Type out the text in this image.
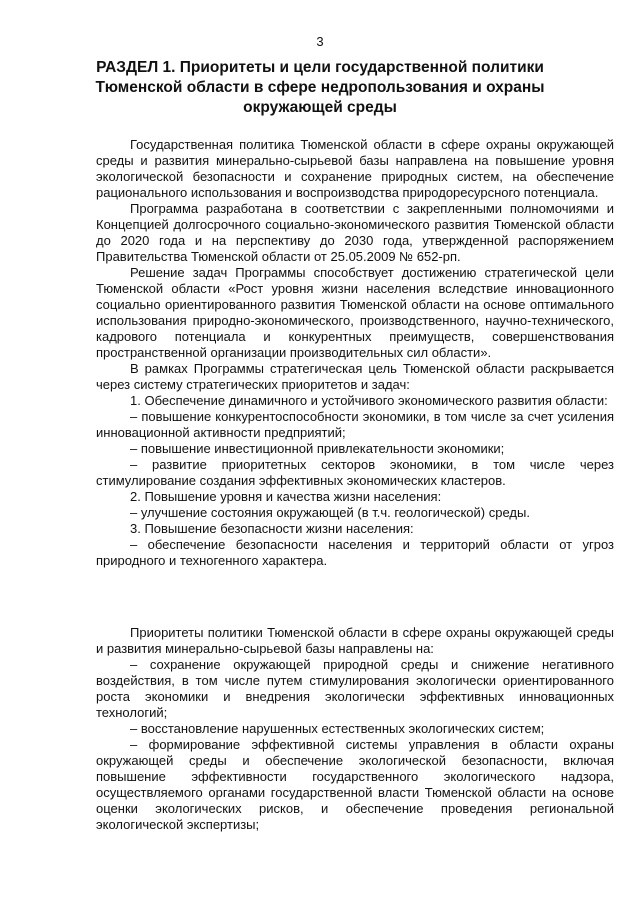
3
РАЗДЕЛ 1. Приоритеты и цели государственной политики
Тюменской области в сфере недропользования и охраны
окружающей среды

Государственная политика Тюменской области в сфере охраны окружающей среды и развития минерально-сырьевой базы направлена на повышение уровня экологической безопасности и сохранение природных систем, на обеспечение рационального использования и воспроизводства природоресурсного потенциала.

Программа разработана в соответствии с закрепленными полномочиями и Концепцией долгосрочного социально-экономического развития Тюменской области до 2020 года и на перспективу до 2030 года, утвержденной распоряжением Правительства Тюменской области от 25.05.2009 № 652-рп.

Решение задач Программы способствует достижению стратегической цели Тюменской области «Рост уровня жизни населения вследствие инновационного социально ориентированного развития Тюменской области на основе оптимального использования природно-экономического, производственного, научно-технического, кадрового потенциала и конкурентных преимуществ, совершенствования пространственной организации производительных сил области».

В рамках Программы стратегическая цель Тюменской области раскрывается через систему стратегических приоритетов и задач:

1. Обеспечение динамичного и устойчивого экономического развития области:

– повышение конкурентоспособности экономики, в том числе за счет усиления инновационной активности предприятий;

– повышение инвестиционной привлекательности экономики;

– развитие приоритетных секторов экономики, в том числе через стимулирование создания эффективных экономических кластеров.

2. Повышение уровня и качества жизни населения:

– улучшение состояния окружающей (в т.ч. геологической) среды.

3. Повышение безопасности жизни населения:

– обеспечение безопасности населения и территорий области от угроз природного и техногенного характера.

Приоритеты политики Тюменской области в сфере охраны окружающей среды и развития минерально-сырьевой базы направлены на:

– сохранение окружающей природной среды и снижение негативного воздействия, в том числе путем стимулирования экологически ориентированного роста экономики и внедрения экологически эффективных инновационных технологий;

– восстановление нарушенных естественных экологических систем;

– формирование эффективной системы управления в области охраны окружающей среды и обеспечение экологической безопасности, включая повышение эффективности государственного экологического надзора, осуществляемого органами государственной власти Тюменской области на основе оценки экологических рисков, и обеспечение проведения региональной экологической экспертизы;
